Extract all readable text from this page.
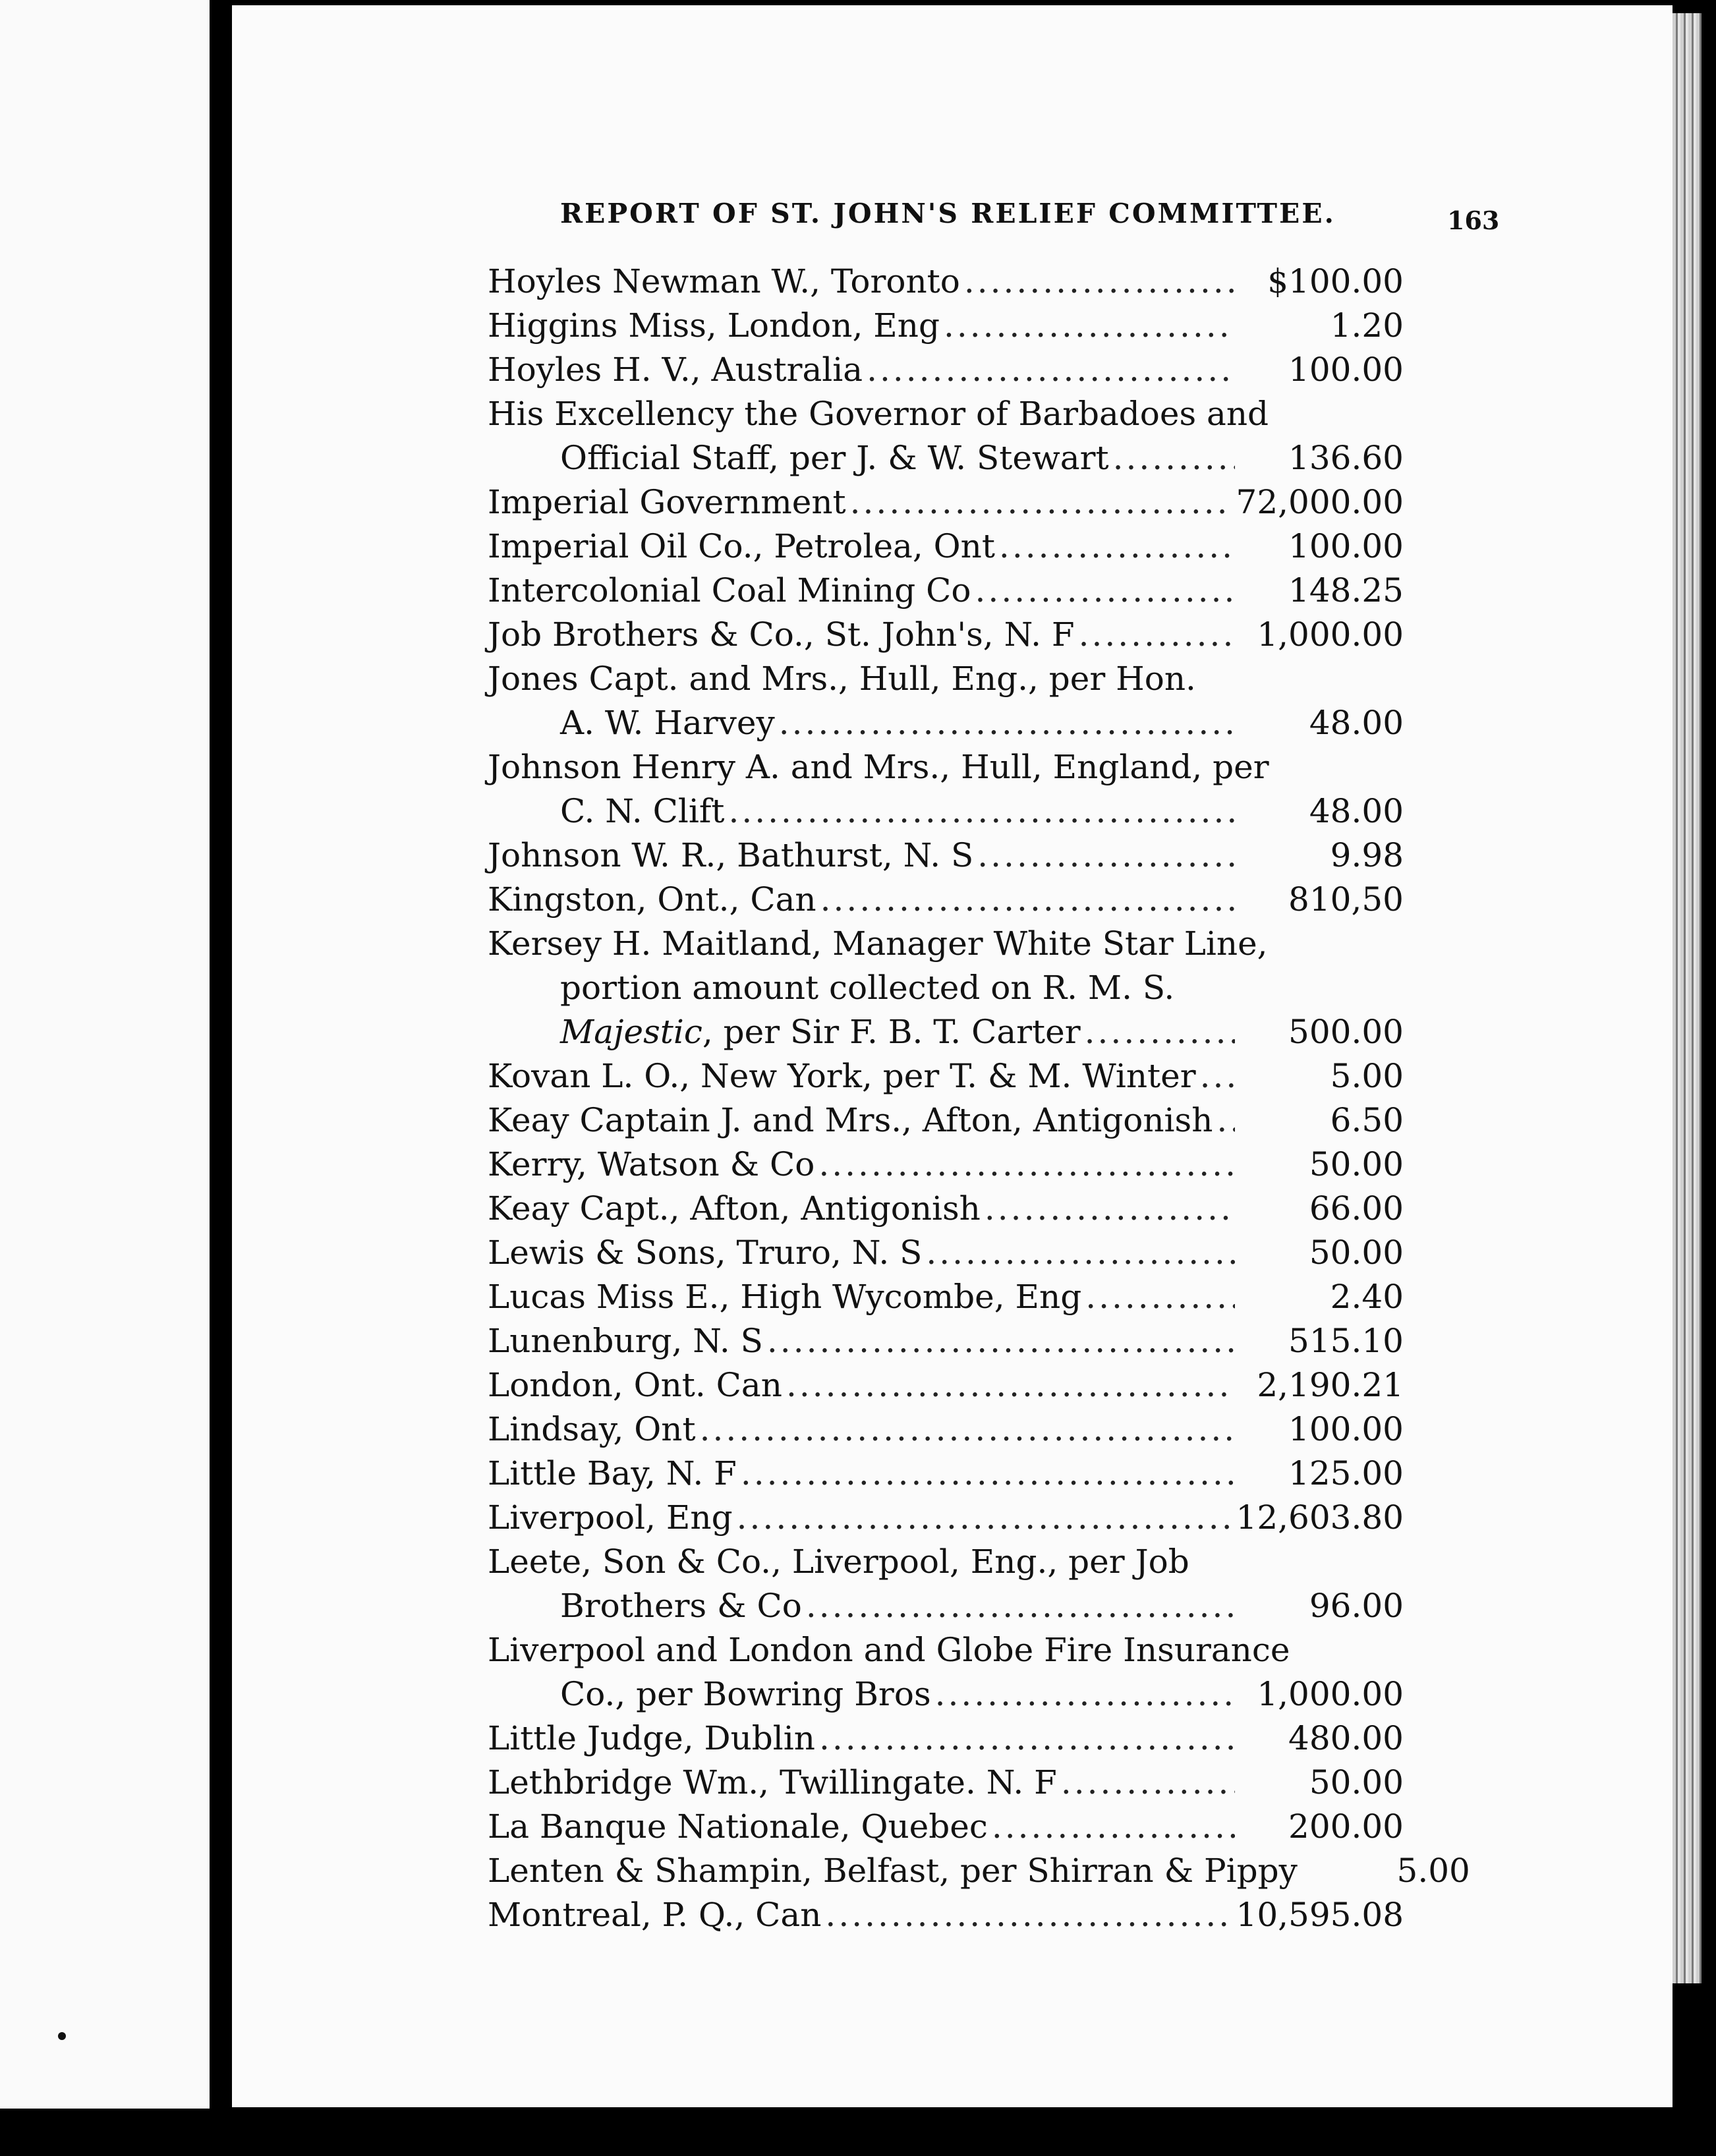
REPORT OF ST. JOHN'S RELIEF COMMITTEE.	163
Hoyles Newman W., Toronto .....	$100.00
Higgins Miss, London, Eng .....	1.20
Hoyles H. V., Australia .....	100.00
His Excellency the Governor of Barbadoes and
Official Staff, per J. & W. Stewart .....	136.60
Imperial Government .....	72,000.00
Imperial Oil Co., Petrolea, Ont .....	100.00
Intercolonial Coal Mining Co .....	148.25
Job Brothers & Co., St. John's, N. F .....	1,000.00
Jones Capt. and Mrs., Hull, Eng., per Hon.
A. W. Harvey .....	48.00
Johnson Henry A. and Mrs., Hull, England, per
C. N. Clift .....	48.00
Johnson W. R., Bathurst, N. S .....	9.98
Kingston, Ont., Can .....	810,50
Kersey H. Maitland, Manager White Star Line,
portion amount collected on R. M. S.
Majestic, per Sir F. B. T. Carter .....	500.00
Kovan L. O., New York, per T. & M. Winter .....	5.00
Keay Captain J. and Mrs., Afton, Antigonish .....	6.50
Kerry, Watson & Co .....	50.00
Keay Capt., Afton, Antigonish .....	66.00
Lewis & Sons, Truro, N. S .....	50.00
Lucas Miss E., High Wycombe, Eng .....	2.40
Lunenburg, N. S .....	515.10
London, Ont. Can .....	2,190.21
Lindsay, Ont .....	100.00
Little Bay, N. F .....	125.00
Liverpool, Eng .....	12,603.80
Leete, Son & Co., Liverpool, Eng., per Job
Brothers & Co .....	96.00
Liverpool and London and Globe Fire Insurance
Co., per Bowring Bros .....	1,000.00
Little Judge, Dublin .....	480.00
Lethbridge Wm., Twillingate. N. F .....	50.00
La Banque Nationale, Quebec .....	200.00
Lenten & Shampin, Belfast, per Shirran & Pippy	5.00
Montreal, P. Q., Can .....	10,595.08
